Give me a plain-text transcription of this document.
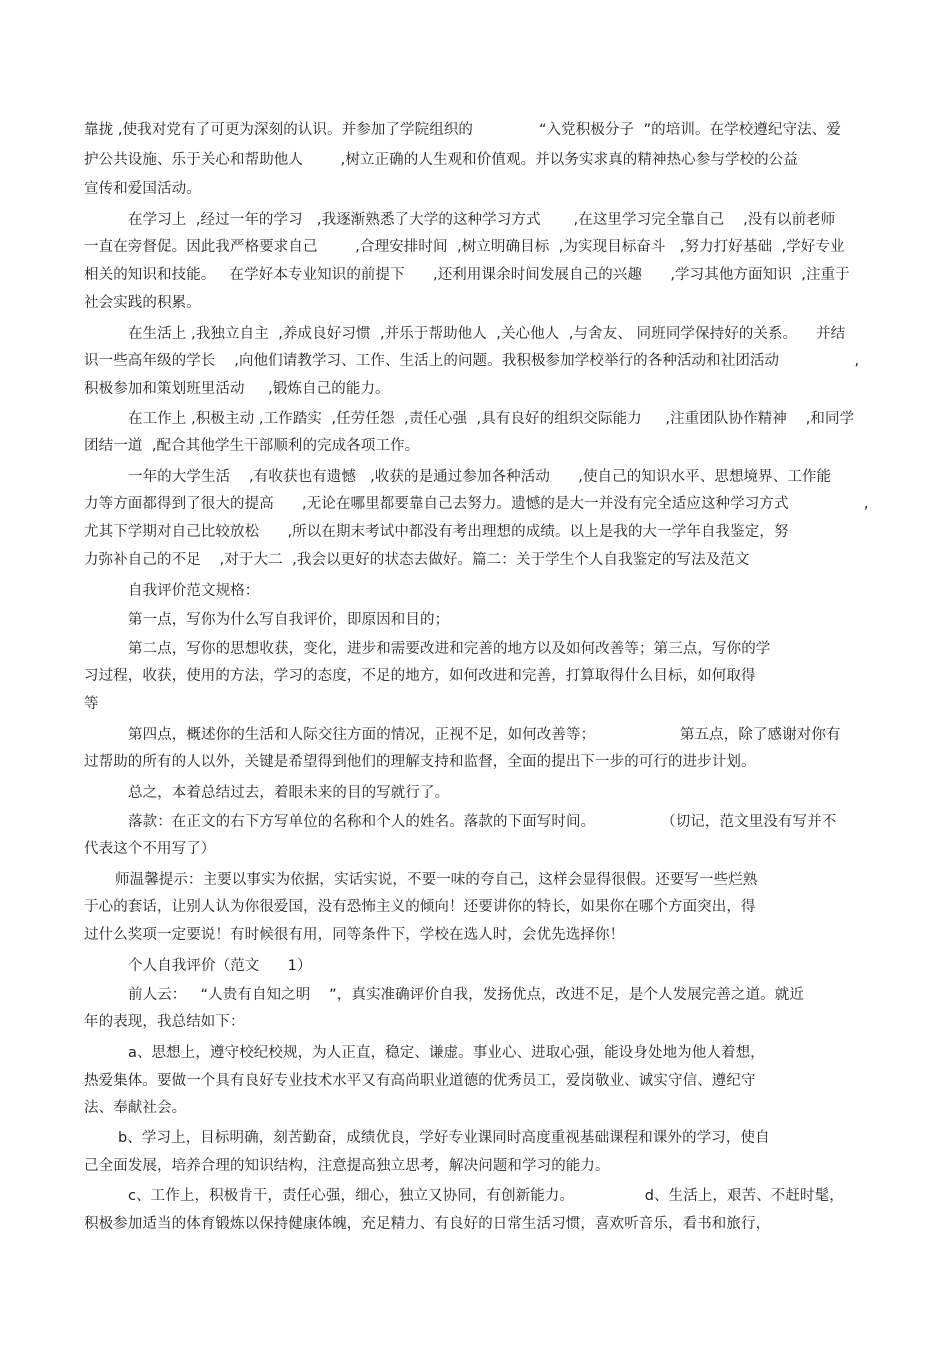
靠拢 ,使我对党有了可更为深刻的认识。并参加了学院组织的              “入党积极分子  ”的培训。在学校遵纪守法、爱
护公共设施、乐于关心和帮助他人        ,树立正确的人生观和价值观。并以务实求真的精神热心参与学校的公益
宣传和爱国活动。
在学习上  ,经过一年的学习   ,我逐渐熟悉了大学的这种学习方式       ,在这里学习完全靠自己    ,没有以前老师
一直在旁督促。因此我严格要求自己        ,合理安排时间  ,树立明确目标  ,为实现目标奋斗   ,努力打好基础  ,学好专业
相关的知识和技能。   在学好本专业知识的前提下      ,还利用课余时间发展自己的兴趣      ,学习其他方面知识  ,注重于
社会实践的积累。
在生活上 ,我独立自主  ,养成良好习惯  ,并乐于帮助他人  ,关心他人  ,与舍友、 同班同学保持好的关系。    并结
识一些高年级的学长    ,向他们请教学习、工作、生活上的问题。我积极参加学校举行的各种活动和社团活动                ,
积极参加和策划班里活动     ,锻炼自己的能力。
在工作上 ,积极主动 ,工作踏实  ,任劳任怨  ,责任心强  ,具有良好的组织交际能力     ,注重团队协作精神    ,和同学
团结一道  ,配合其他学生干部顺利的完成各项工作。
一年的大学生活    ,有收获也有遗憾   ,收获的是通过参加各种活动      ,使自己的知识水平、思想境界、工作能
力等方面都得到了很大的提高      ,无论在哪里都要靠自己去努力。遗憾的是大一并没有完全适应这种学习方式                ,
尤其下学期对自己比较放松      ,所以在期末考试中都没有考出理想的成绩。以上是我的大一学年自我鉴定，努
力弥补自己的不足    ,对于大二  ,我会以更好的状态去做好。篇二：关于学生个人自我鉴定的写法及范文
自我评价范文规格：
第一点，写你为什么写自我评价，即原因和目的；
第二点，写你的思想收获，变化，进步和需要改进和完善的地方以及如何改善等；第三点，写你的学
习过程，收获，使用的方法，学习的态度，不足的地方，如何改进和完善，打算取得什么目标，如何取得
等
第四点，概述你的生活和人际交往方面的情况，正视不足，如何改善等；                  第五点，除了感谢对你有
过帮助的所有的人以外，关键是希望得到他们的理解支持和监督，全面的提出下一步的可行的进步计划。
总之，本着总结过去，着眼未来的目的写就行了。
落款：在正文的右下方写单位的名称和个人的姓名。落款的下面写时间。              （切记，范文里没有写并不
代表这个不用写了）
师温馨提示：主要以事实为依据，实话实说，不要一味的夸自己，这样会显得很假。还要写一些烂熟
于心的套话，让别人认为你很爱国，没有恐怖主义的倾向！还要讲你的特长，如果你在哪个方面突出，得
过什么奖项一定要说！有时候很有用，同等条件下，学校在选人时，会优先选择你！
个人自我评价（范文      1）
前人云：   “人贵有自知之明    ”，真实准确评价自我，发扬优点，改进不足，是个人发展完善之道。就近
年的表现，我总结如下：
a、思想上，遵守校纪校规，为人正直，稳定、谦虚。事业心、进取心强，能设身处地为他人着想，
热爱集体。要做一个具有良好专业技术水平又有高尚职业道德的优秀员工，爱岗敬业、诚实守信、遵纪守
法、奉献社会。
b、学习上，目标明确，刻苦勤奋，成绩优良，学好专业课同时高度重视基础课程和课外的学习，使自
己全面发展，培养合理的知识结构，注意提高独立思考，解决问题和学习的能力。
c、工作上，积极肯干，责任心强，细心，独立又协同，有创新能力。               d、生活上，艰苦、不赶时髦，
积极参加适当的体育锻炼以保持健康体魄，充足精力、有良好的日常生活习惯，喜欢听音乐，看书和旅行，
